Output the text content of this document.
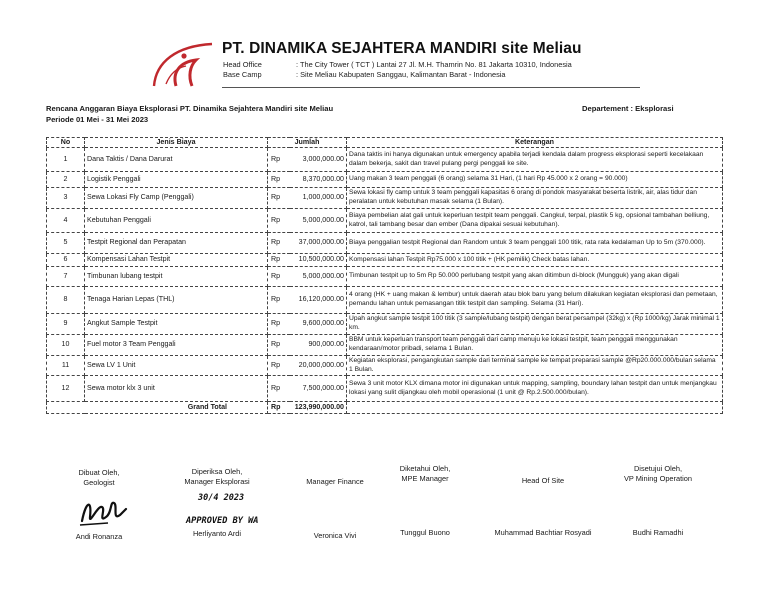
PT. DINAMIKA SEJAHTERA MANDIRI site Meliau
Head Office	: The City Tower ( TCT ) Lantai 27 Jl. M.H. Thamrin No. 81 Jakarta 10310, Indonesia
Base Camp	: Site Meliau Kabupaten Sanggau, Kalimantan Barat - Indonesia
Rencana Anggaran Biaya Eksplorasi PT. Dinamika Sejahtera Mandiri site Meliau
Periode 01 Mei - 31 Mei 2023
Departement : Eksplorasi
No	Jenis Biaya	Jumlah		Keterangan
1	Dana Taktis / Dana Darurat	Rp	3,000,000.00	Dana taktis ini hanya digunakan untuk emergency apabila terjadi kendala dalam progress eksplorasi seperti kecelakaan dalam bekerja, sakit dan travel pulang pergi penggali ke site.
2	Logistik Penggali	Rp	8,370,000.00	Uang makan 3 team penggali (6 orang) selama 31 Hari, (1 hari Rp 45.000 x 2 orang = 90.000)
3	Sewa Lokasi Fly Camp (Penggali)	Rp	1,000,000.00	Sewa lokasi fly camp untuk 3 team penggali kapasitas 6 orang di pondok masyarakat beserta listrik, air, alas tidur dan peralatan untuk kebutuhan masak selama (1 Bulan).
4	Kebutuhan Penggali	Rp	5,000,000.00	Biaya pembelian alat gali untuk keperluan testpit team penggali. Cangkul, terpal, plastik 5 kg, opsional tambahan belliung, katrol, tali tambang besar dan ember (Dana dipakai sesuai kebutuhan).
5	Testpit Regional dan Perapatan	Rp	37,000,000.00	Biaya penggalian testpit Regional dan Random untuk 3 team penggali 100 titik, rata rata kedalaman Up to 5m (370.000).
6	Kompensasi Lahan Testpit	Rp	10,500,000.00	Kompensasi lahan Testpit Rp75.000 x 100 titik + (HK pemilik) Check batas lahan.
7	Timbunan lubang testpit	Rp	5,000,000.00	Timbunan testpit up to 5m Rp 50.000 perlubang testpit yang akan ditimbun di-block (Mungguk) yang akan digali
8	Tenaga Harian Lepas (THL)	Rp	16,120,000.00	4 orang (HK + uang makan & lembur) untuk daerah atau blok baru yang belum dilakukan kegiatan eksplorasi dan pemetaan, pemandu lahan untuk pemasangan titik testpit dan sampling. Selama (31 Hari).
9	Angkut Sample Testpit	Rp	9,600,000.00	Upah angkut sample testpit 100 titik (3 sample/lubang testpit) dengan berat persampel (32kg) x (Rp 1000/kg) Jarak minimal 1 km.
10	Fuel motor 3 Team Penggali	Rp	900,000.00	BBM untuk keperluan transport team penggali dari camp menuju ke lokasi testpit, team penggali menggunakan kendaraan/motor pribadi, selama 1 Bulan.
11	Sewa LV 1 Unit	Rp	20,000,000.00	Kegiatan eksplorasi, pengangkutan sample dari terminal sample ke tempat preparasi sample @Rp20.000.000/bulan selama 1 Bulan.
12	Sewa motor klx 3 unit	Rp	7,500,000.00	Sewa 3 unit motor KLX dimana motor ini digunakan untuk mapping, sampling, boundary lahan testpit dan untuk menjangkau lokasi yang sulit dijangkau oleh mobil operasional (1 unit @ Rp.2.500.000/bulan).
Grand Total		Rp	123,990,000.00	
Dibuat Oleh,
Geologist
Diperiksa Oleh,
Manager Eksplorasi	Manager Finance
Diketahui Oleh,
MPE Manager	Head Of Site
Disetujui Oleh,
VP Mining Operation
30/4 2023
APPROVED BY WA
Andi Ronanza	Herliyanto Ardi	Veronica Vivi	Tunggul Buono	Muhammad Bachtiar Rosyadi	Budhi Ramadhi
